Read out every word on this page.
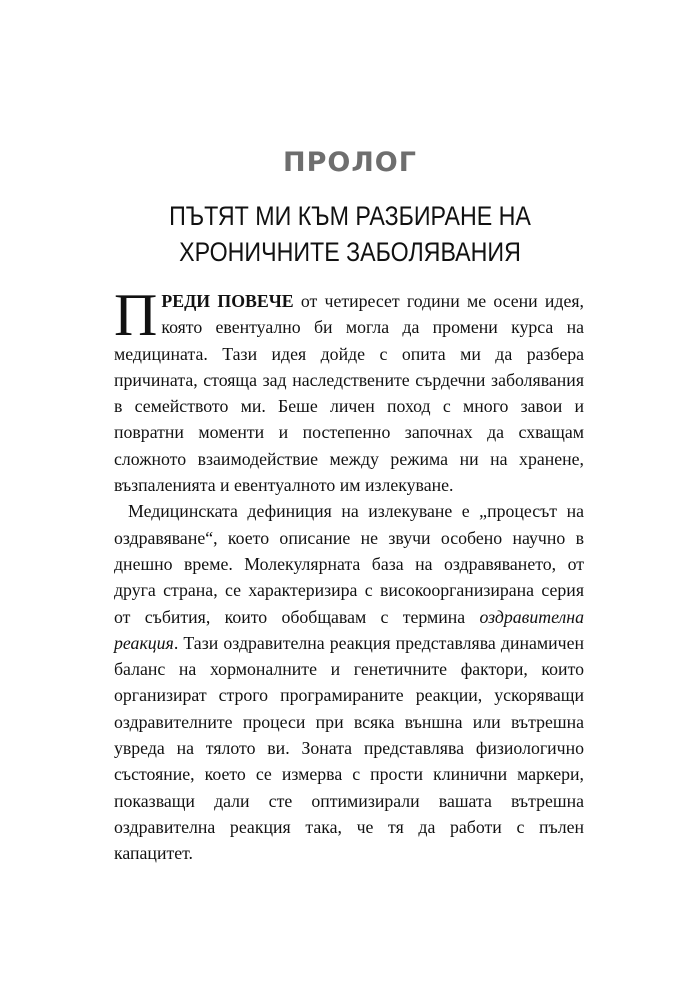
ПРОЛОГ
ПЪТЯТ МИ КЪМ РАЗБИРАНЕ НА
ХРОНИЧНИТЕ ЗАБОЛЯВАНИЯ

ПРЕДИ ПОВЕЧЕ от четиресет години ме осени идея, която евентуално би могла да промени курса на медицината. Тази идея дойде с опита ми да разбера причината, стояща зад наследствените сърдечни заболявания в семейството ми. Беше личен поход с много завои и повратни моменти и постепенно започнах да схващам сложното взаимодействие между режима ни на хранене, възпаленията и евентуалното им излекуване.

Медицинската дефиниция на излекуване е „процесът на оздравяване“, което описание не звучи особено научно в днешно време. Молекулярната база на оздравяването, от друга страна, се характеризира с високоорганизирана серия от събития, които обобщавам с термина оздравителна реакция. Тази оздравителна реакция представлява динамичен баланс на хормоналните и генетичните фактори, които организират строго програмираните реакции, ускоряващи оздравителните процеси при всяка външна или вътрешна увреда на тялото ви. Зоната представлява физиологично състояние, което се измерва с прости клинични маркери, показващи дали сте оптимизирали вашата вътрешна оздравителна реакция така, че тя да работи с пълен капацитет.
